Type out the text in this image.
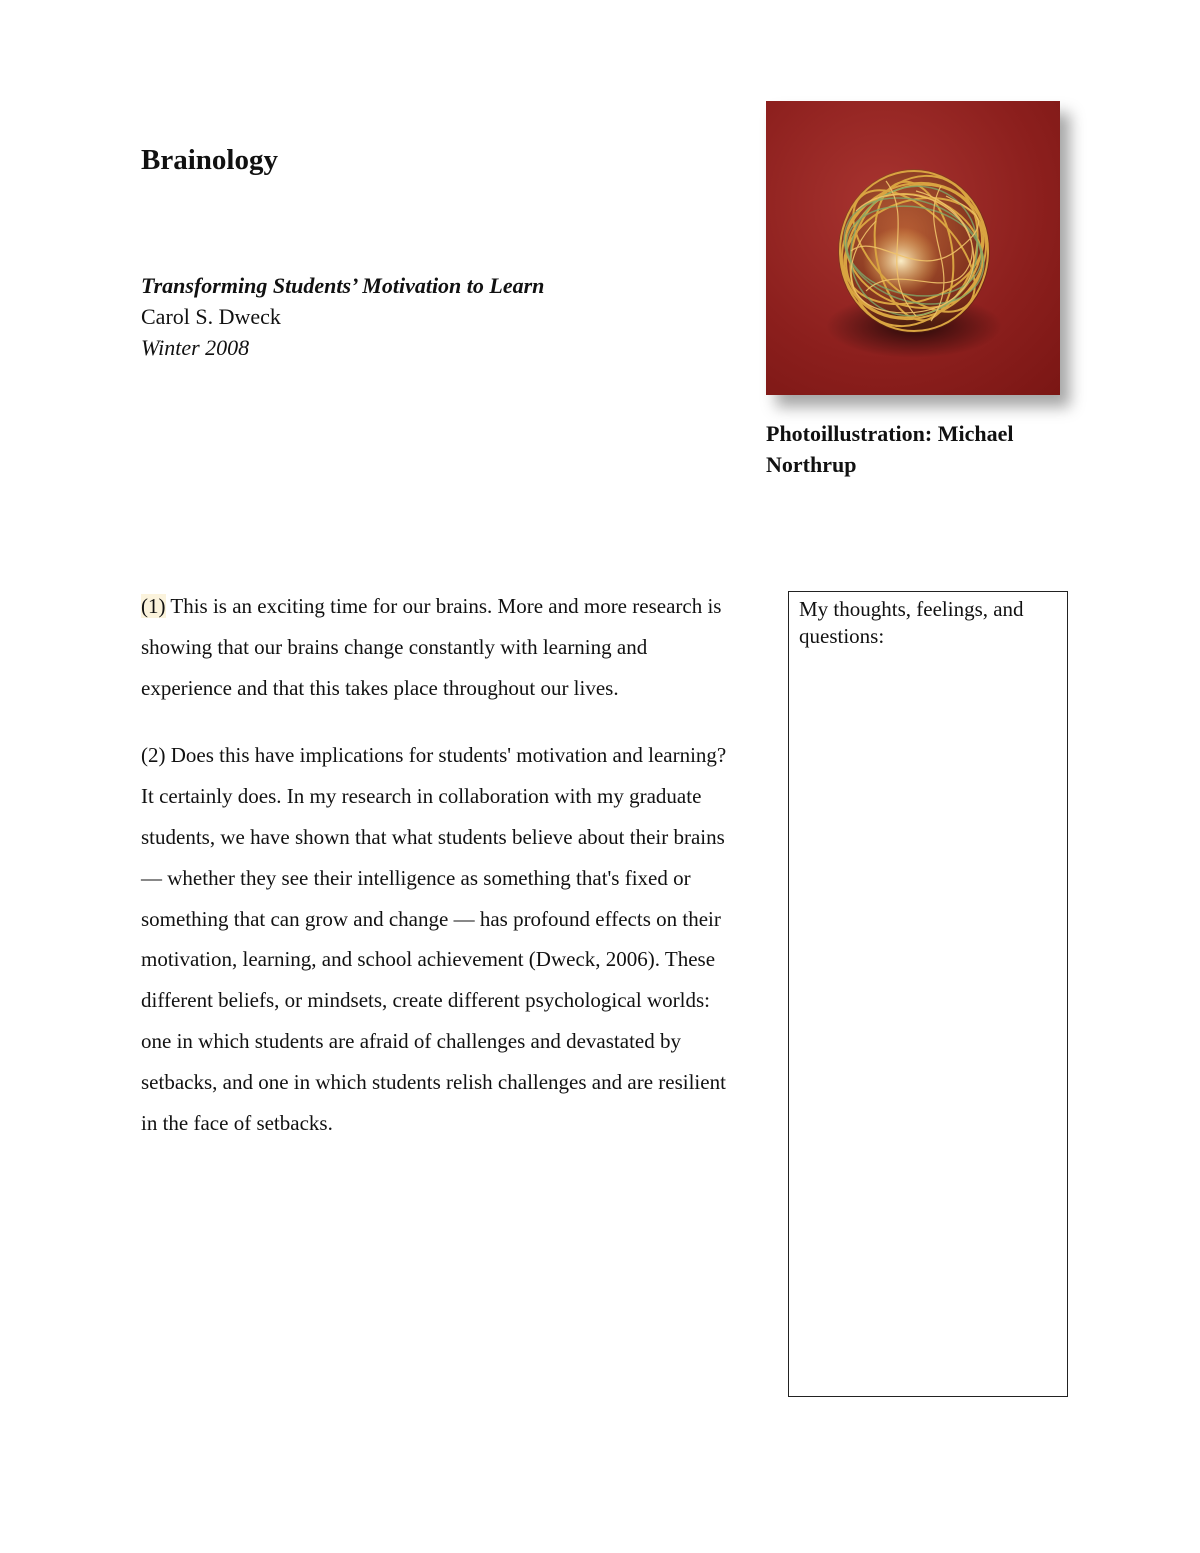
Brainology
Transforming Students’ Motivation to Learn
Carol S. Dweck
Winter 2008
Photoillustration: Michael Northrup

(1) This is an exciting time for our brains. More and more research is showing that our brains change constantly with learning and experience and that this takes place throughout our lives.

(2) Does this have implications for students' motivation and learning? It certainly does. In my research in collaboration with my graduate students, we have shown that what students believe about their brains — whether they see their intelligence as something that's fixed or something that can grow and change — has profound effects on their motivation, learning, and school achievement (Dweck, 2006). These different beliefs, or mindsets, create different psychological worlds: one in which students are afraid of challenges and devastated by setbacks, and one in which students relish challenges and are resilient in the face of setbacks.

My thoughts, feelings, and questions:
